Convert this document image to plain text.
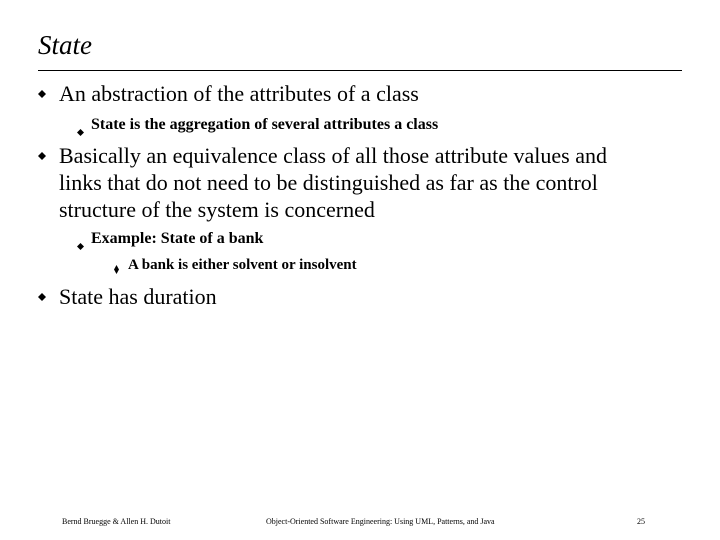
State
An abstraction of the attributes of a class
State is the aggregation of several attributes a class
Basically an equivalence class of all those attribute values and
links that do not need to be distinguished as far as the control
structure of the system is concerned
Example: State of a bank
A bank is either solvent or insolvent
State has duration
Bernd Bruegge & Allen H. Dutoit	Object-Oriented Software Engineering: Using UML, Patterns, and Java	25
